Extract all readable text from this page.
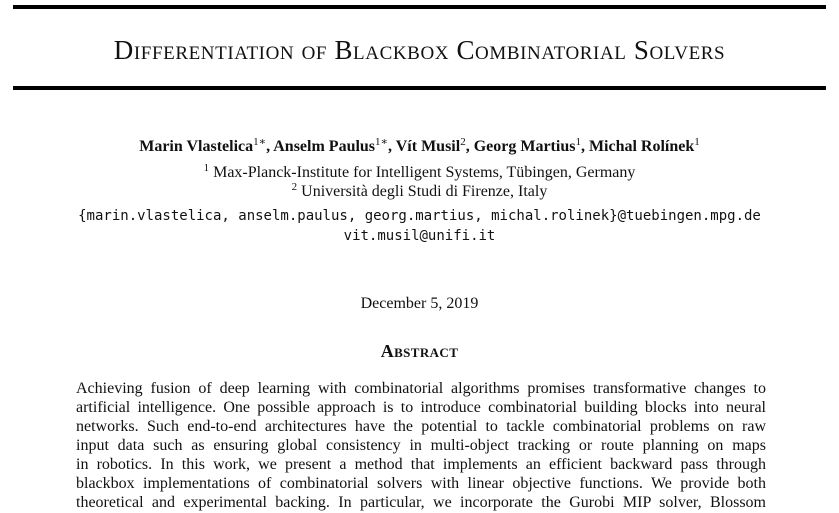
Differentiation of Blackbox Combinatorial Solvers
Marin Vlastelica$^{1∗}$, Anselm Paulus$^{1∗}$, Vít Musil$^2$, Georg Martius$^1$, Michal Rolínek$^1$
$^1$ Max-Planck-Institute for Intelligent Systems, Tübingen, Germany
$^2$ Università degli Studi di Firenze, Italy
{marin.vlastelica, anselm.paulus, georg.martius, michal.rolinek}@tuebingen.mpg.de
vit.musil@unifi.it
December 5, 2019
Abstract
Achieving fusion of deep learning with combinatorial algorithms promises transformative changes to
artificial intelligence. One possible approach is to introduce combinatorial building blocks into neural
networks. Such end-to-end architectures have the potential to tackle combinatorial problems on raw
input data such as ensuring global consistency in multi-object tracking or route planning on maps
in robotics. In this work, we present a method that implements an efficient backward pass through
blackbox implementations of combinatorial solvers with linear objective functions. We provide both
theoretical and experimental backing. In particular, we incorporate the Gurobi MIP solver, Blossom
